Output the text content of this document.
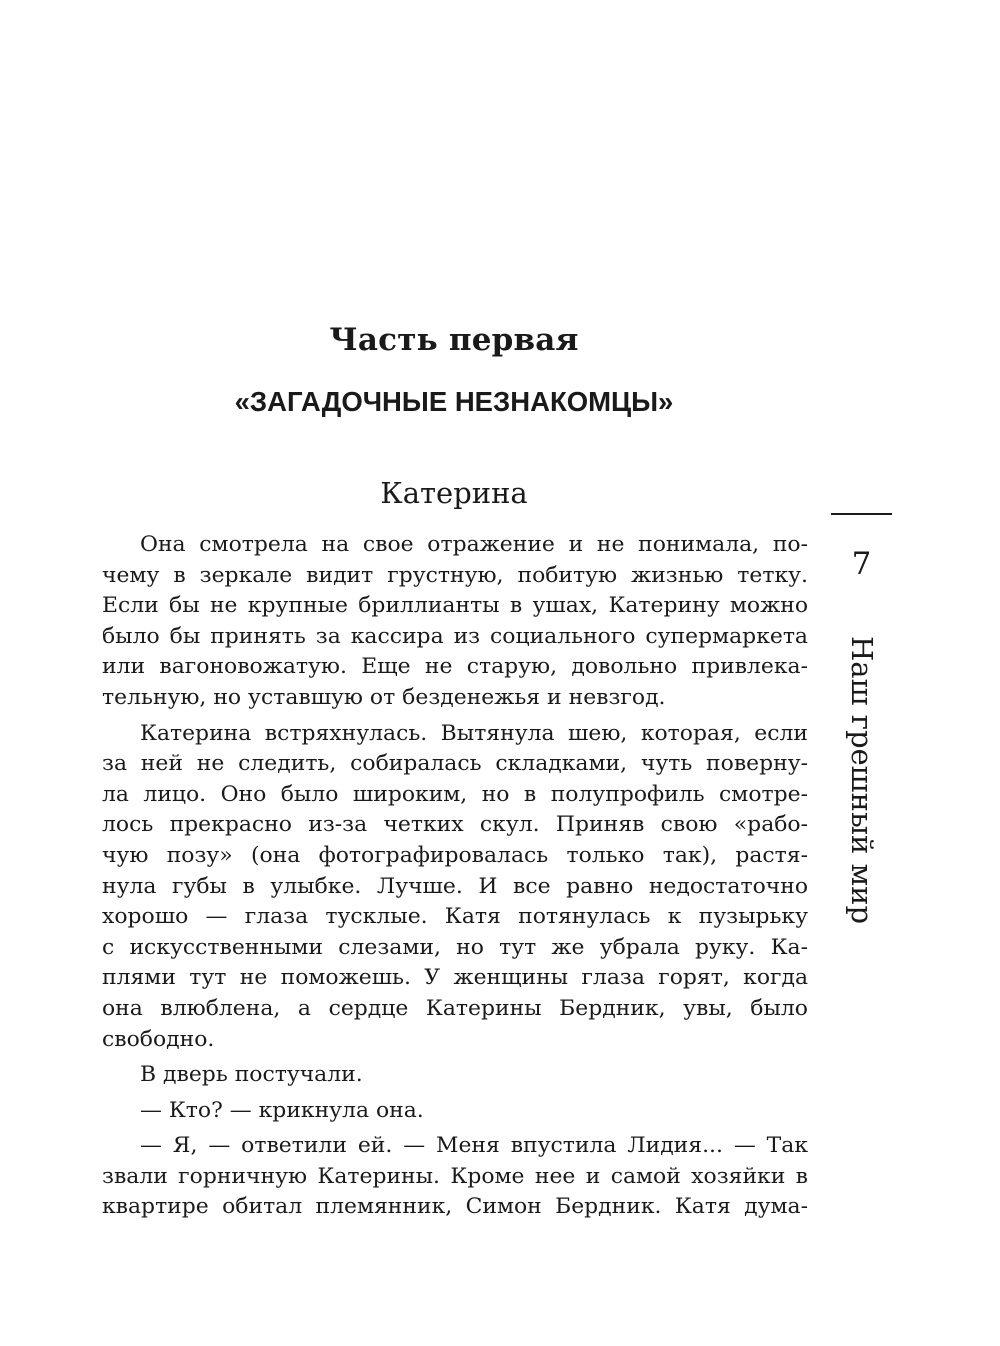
Часть первая
«ЗАГАДОЧНЫЕ НЕЗНАКОМЦЫ»
Катерина
7
Наш грешный мир
Она смотрела на свое отражение и не понимала, по-
чему в зеркале видит грустную, побитую жизнью тетку.
Если бы не крупные бриллианты в ушах, Катерину можно
было бы принять за кассира из социального супермаркета
или вагоновожатую. Еще не старую, довольно привлека-
тельную, но уставшую от безденежья и невзгод.
Катерина встряхнулась. Вытянула шею, которая, если
за ней не следить, собиралась складками, чуть поверну-
ла лицо. Оно было широким, но в полупрофиль смотре-
лось прекрасно из-за четких скул. Приняв свою «рабо-
чую позу» (она фотографировалась только так), растя-
нула губы в улыбке. Лучше. И все равно недостаточно
хорошо — глаза тусклые. Катя потянулась к пузырьку
с искусственными слезами, но тут же убрала руку. Ка-
плями тут не поможешь. У женщины глаза горят, когда
она влюблена, а сердце Катерины Бердник, увы, было
свободно.
В дверь постучали.
— Кто? — крикнула она.
— Я, — ответили ей. — Меня впустила Лидия... — Так
звали горничную Катерины. Кроме нее и самой хозяйки в
квартире обитал племянник, Симон Бердник. Катя дума-
